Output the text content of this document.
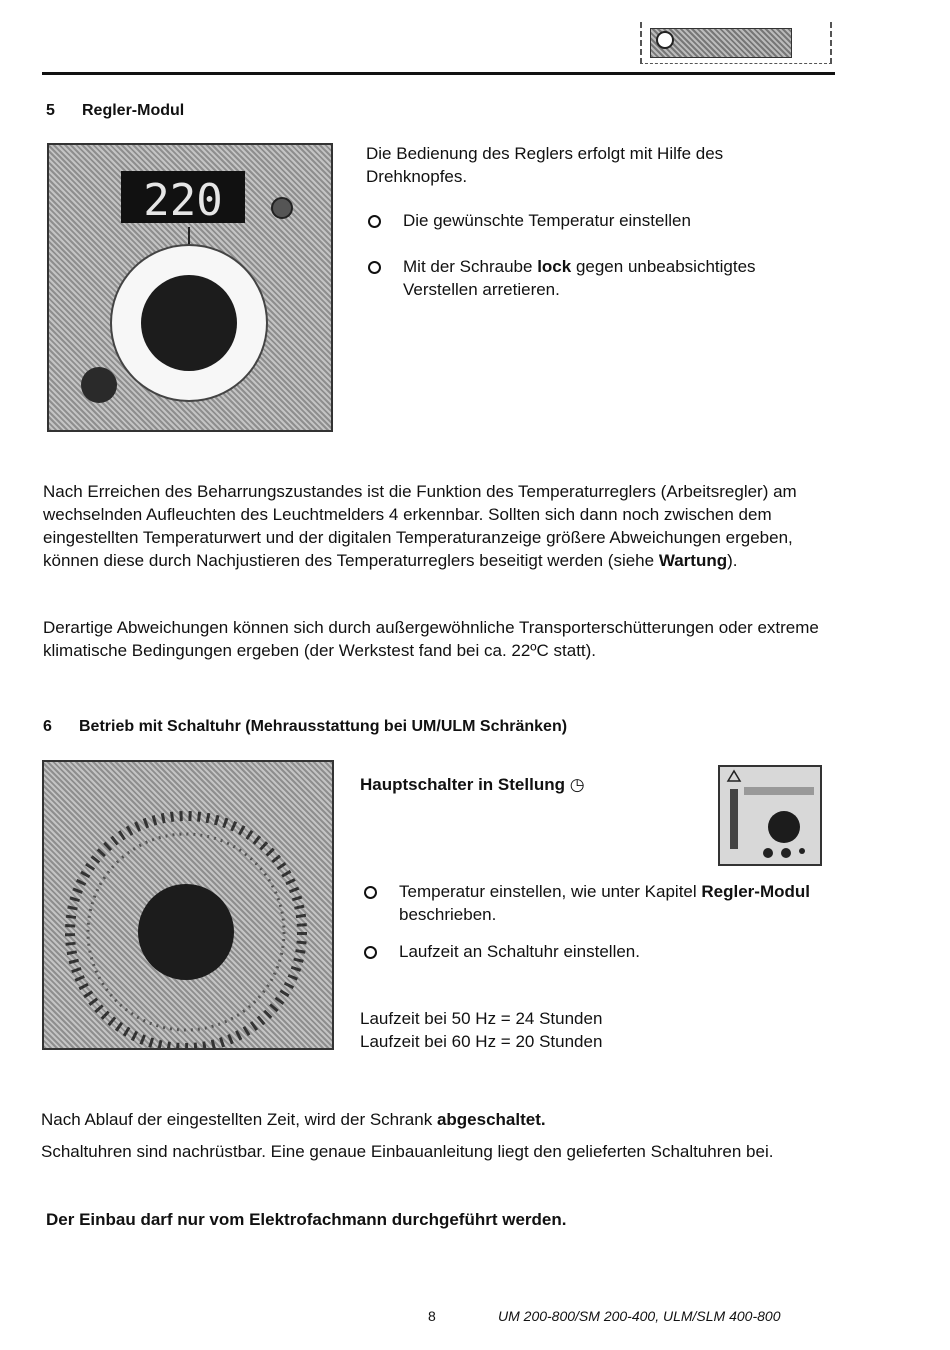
5 Regler-Modul
220

Die Bedienung des Reglers erfolgt mit Hilfe des Drehknopfes.

Die gewünschte Temperatur einstellen
Mit der Schraube lock gegen unbeabsichtigtes Verstellen arretieren.

Nach Erreichen des Beharrungszustandes ist die Funktion des Temperaturreglers (Arbeitsregler) am wechselnden Aufleuchten des Leuchtmelders 4 erkennbar. Sollten sich dann noch zwischen dem eingestellten Temperaturwert und der digitalen Temperaturanzeige größere Abweichungen ergeben, können diese durch Nachjustieren des Temperaturreglers beseitigt werden (siehe Wartung).

Derartige Abweichungen können sich durch außergewöhnliche Transporterschütterungen oder extreme klimatische Bedingungen ergeben (der Werkstest fand bei ca. 22ºC statt).

6 Betrieb mit Schaltuhr (Mehrausstattung bei UM/ULM Schränken)
Hauptschalter in Stellung ◷
Temperatur einstellen, wie unter Kapitel Regler-Modul beschrieben.
Laufzeit an Schaltuhr einstellen.

Laufzeit bei 50 Hz = 24 Stunden

Laufzeit bei 60 Hz = 20 Stunden

Nach Ablauf der eingestellten Zeit, wird der Schrank abgeschaltet.

Schaltuhren sind nachrüstbar. Eine genaue Einbauanleitung liegt den gelieferten Schaltuhren bei.

Der Einbau darf nur vom Elektrofachmann durchgeführt werden.

8	UM 200-800/SM 200-400, ULM/SLM 400-800
